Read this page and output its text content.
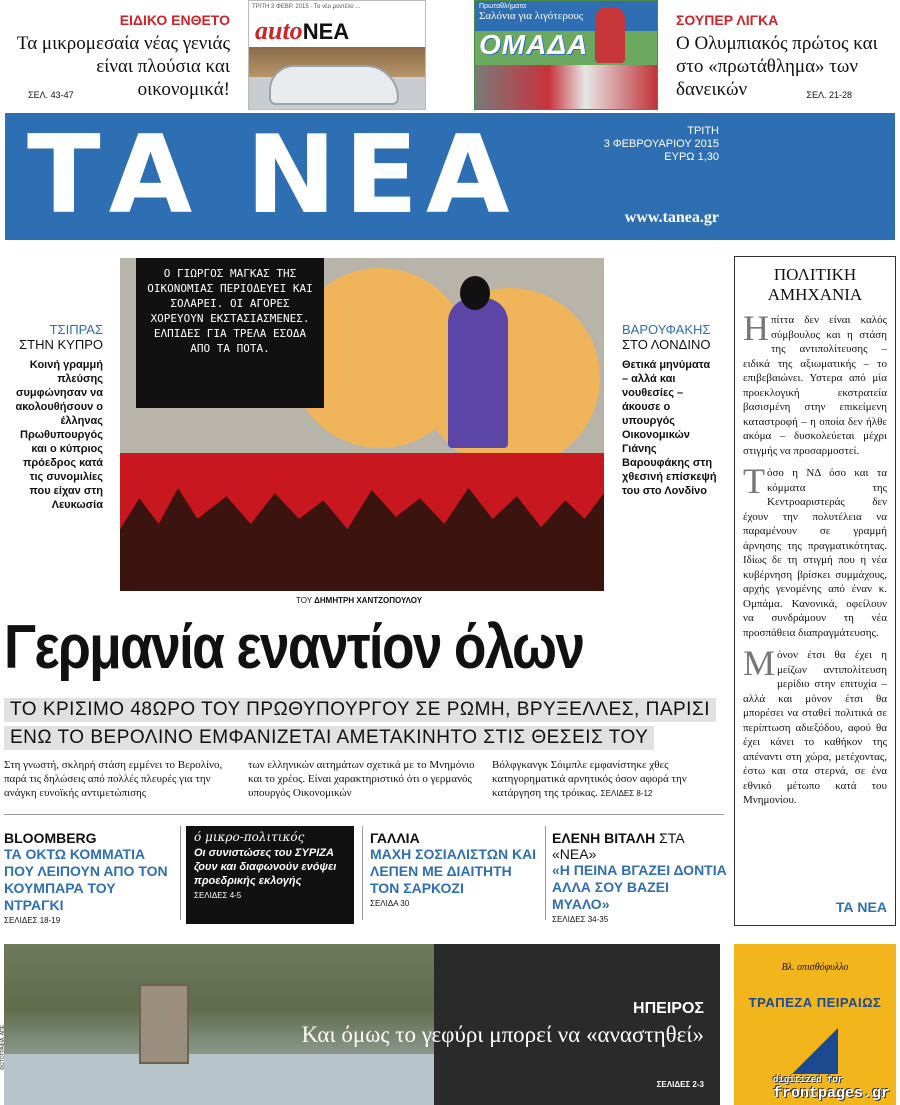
ΕΙΔΙΚΟ ΕΝΘΕΤΟ
Τα μικρομεσαία νέας γενιάς είναι πλούσια και οικονομικά!
ΣΕΛ. 43-47
ΤΡΙΤΗ 3 ΦΕΒΡ. 2015 · Το νέο μοντέλο ...
autoΝΕΑ
Πρωταθλήματα
Σαλόνια για λιγότερους
ΟΜΑΔΑ
ΣΟΥΠΕΡ ΛΙΓΚΑ
Ο Ολυμπιακός πρώτος και στο «πρωτάθλημα» των δανεικών	ΣΕΛ. 21-28
ΤΑ ΝΕΑ	ΤΡΙΤΗ
3 ΦΕΒΡΟΥΑΡΙΟΥ 2015
ΕΥΡΩ 1,30
www.tanea.gr
ΤΣΙΠΡΑΣ
ΣΤΗΝ ΚΥΠΡΟ
Κοινή γραμμή πλεύσης συμφώνησαν να ακολουθήσουν ο έλληνας Πρωθυπουργός και ο κύπριος πρόεδρος κατά τις συνομιλίες που είχαν στη Λευκωσία
Ο ΓΙΩΡΓΟΣ ΜΑΓΚΑΣ ΤΗΣ ΟΙΚΟΝΟΜΙΑΣ ΠΕΡΙΟΔΕΥΕΙ ΚΑΙ ΣΟΛΑΡΕΙ. ΟΙ ΑΓΟΡΕΣ ΧΟΡΕΥΟΥΝ ΕΚΣΤΑΣΙΑΣΜΕΝΕΣ. ΕΛΠΙΔΕΣ ΓΙΑ ΤΡΕΛΑ ΕΣΟΔΑ ΑΠΟ ΤΑ ΠΟΤΑ.
ΤΟΥ ΔΗΜΗΤΡΗ ΧΑΝΤΖΟΠΟΥΛΟΥ
ΒΑΡΟΥΦΑΚΗΣ
ΣΤΟ ΛΟΝΔΙΝΟ
Θετικά μηνύματα – αλλά και νουθεσίες – άκουσε ο υπουργός Οικονομικών Γιάνης Βαρουφάκης στη χθεσινή επίσκεψή του στο Λονδίνο
Γερμανία εναντίον όλων
ΤΟ ΚΡΙΣΙΜΟ 48ΩΡΟ ΤΟΥ ΠΡΩΘΥΠΟΥΡΓΟΥ ΣΕ ΡΩΜΗ, ΒΡΥΞΕΛΛΕΣ, ΠΑΡΙΣΙ
ΕΝΩ ΤΟ ΒΕΡΟΛΙΝΟ ΕΜΦΑΝΙΖΕΤΑΙ ΑΜΕΤΑΚΙΝΗΤΟ ΣΤΙΣ ΘΕΣΕΙΣ ΤΟΥ
Στη γνωστή, σκληρή στάση εμμένει το Βερολίνο, παρά τις δηλώσεις από πολλές πλευρές για την ανάγκη ευνοϊκής αντιμετώπισης
των ελληνικών αιτημάτων σχετικά με το Μνημόνιο και το χρέος. Είναι χαρακτηριστικό ότι ο γερμανός υπουργός Οικονομικών
Βόλφγκανγκ Σόιμπλε εμφανίστηκε χθες κατηγορηματικά αρνητικός όσον αφορά την κατάργηση της τρόικας. ΣΕΛΙΔΕΣ 8-12
BLOOMBERG
ΤΑ ΟΚΤΩ ΚΟΜΜΑΤΙΑ ΠΟΥ ΛΕΙΠΟΥΝ ΑΠΟ ΤΟΝ ΚΟΥΜΠΑΡΑ ΤΟΥ ΝΤΡΑΓΚΙ
ΣΕΛΙΔΕΣ 18-19
ό μικρο-πολιτικός
Οι συνιστώσες του ΣΥΡΙΖΑ ζουν και διαφωνούν ενόψει προεδρικής εκλογής
ΣΕΛΙΔΕΣ 4-5
ΓΑΛΛΙΑ
ΜΑΧΗ ΣΟΣΙΑΛΙΣΤΩΝ ΚΑΙ ΛΕΠΕΝ ΜΕ ΔΙΑΙΤΗΤΗ ΤΟΝ ΣΑΡΚΟΖΙ
ΣΕΛΙΔΑ 30
ΕΛΕΝΗ ΒΙΤΑΛΗ ΣΤΑ «ΝΕΑ»
«Η ΠΕΙΝΑ ΒΓΑΖΕΙ ΔΟΝΤΙΑ ΑΛΛΑ ΣΟΥ ΒΑΖΕΙ ΜΥΑΛΟ»
ΣΕΛΙΔΕΣ 34-35
ΠΟΛΙΤΙΚΗ ΑΜΗΧΑΝΙΑ

Ηπίττα δεν είναι καλός σύμβουλος και η στάση της αντιπολίτευσης – ειδικά της αξιωματικής – το επιβεβαιώνει. Υστερα από μία προεκλογική εκστρατεία βασισμένη στην επικείμενη καταστροφή – η οποία δεν ήλθε ακόμα – δυσκολεύεται μέχρι στιγμής να προσαρμοστεί.

Τόσο η ΝΔ όσο και τα κόμματα της Κεντροαριστεράς δεν έχουν την πολυτέλεια να παραμένουν σε γραμμή άρνησης της πραγματικότητας. Ιδίως δε τη στιγμή που η νέα κυβέρνηση βρίσκει συμμάχους, αρχής γενομένης από έναν κ. Ομπάμα. Κανονικά, οφείλουν να συνδράμουν τη νέα προσπάθεια διαπραγμάτευσης.

Μόνον έτσι θα έχει η μείζων αντιπολίτευση μερίδιο στην επιτυχία – αλλά και μόνον έτσι θα μπορέσει να σταθεί πολιτικά σε περίπτωση αδιεξόδου, αφού θα έχει κάνει το καθήκον της απέναντι στη χώρα, μετέχοντας, έστω και στα στερνά, σε ένα εθνικό μέτωπο κατά του Μνημονίου.

ΤΑ ΝΕΑ
ΗΠΕΙΡΟΣ
Και όμως το γεφύρι μπορεί να «αναστηθεί»
ΣΕΛΙΔΕΣ 2-3
ΦΩΤΟΓΡΑΦΙΑ: ΑΠΕ
Βλ. οπισθόφυλλο
ΤΡΑΠΕΖΑ ΠΕΙΡΑΙΩΣ
digitized for
frontpages.gr
